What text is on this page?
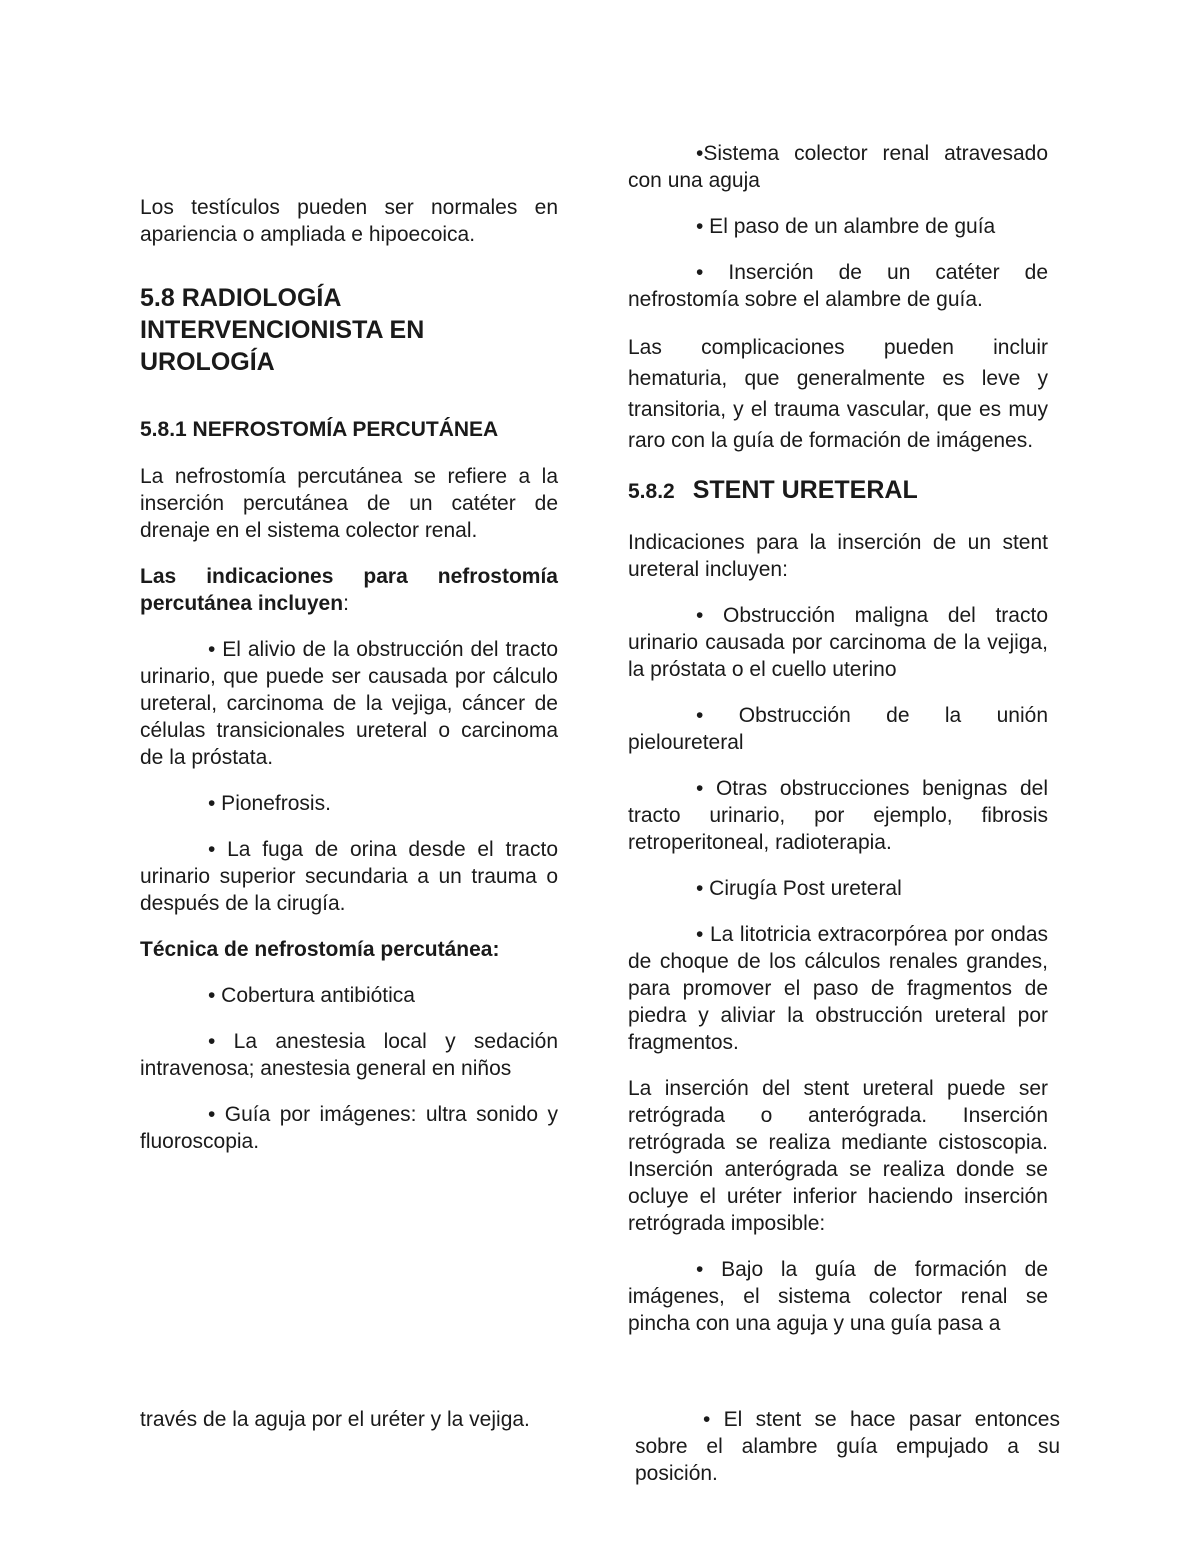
Los testículos pueden ser normales en apariencia o ampliada e hipoecoica.

5.8 RADIOLOGÍA INTERVENCIONISTA EN UROLOGÍA

5.8.1 NEFROSTOMÍA PERCUTÁNEA

La nefrostomía percutánea se refiere a la inserción percutánea de un catéter de drenaje en el sistema colector renal.

Las indicaciones para nefrostomía percutánea incluyen:

• El alivio de la obstrucción del tracto urinario, que puede ser causada por cálculo ureteral, carcinoma de la vejiga, cáncer de células transicionales ureteral o carcinoma de la próstata.

• Pionefrosis.

• La fuga de orina desde el tracto urinario superior secundaria a un trauma o después de la cirugía.

Técnica de nefrostomía percutánea:

• Cobertura antibiótica

• La anestesia local y sedación intravenosa; anestesia general en niños

• Guía por imágenes: ultra sonido y fluoroscopia.

través de la aguja por el uréter y la vejiga.

•Sistema colector renal atravesado con una aguja

• El paso de un alambre de guía

• Inserción de un catéter de nefrostomía sobre el alambre de guía.

Las complicaciones pueden incluir hematuria, que generalmente es leve y transitoria, y el trauma vascular, que es muy raro con la guía de formación de imágenes.

5.8.2 STENT URETERAL

Indicaciones para la inserción de un stent ureteral incluyen:

• Obstrucción maligna del tracto urinario causada por carcinoma de la vejiga, la próstata o el cuello uterino

• Obstrucción de la unión pieloureteral

• Otras obstrucciones benignas del tracto urinario, por ejemplo, fibrosis retroperitoneal, radioterapia.

• Cirugía Post ureteral

• La litotricia extracorpórea por ondas de choque de los cálculos renales grandes, para promover el paso de fragmentos de piedra y aliviar la obstrucción ureteral por fragmentos.

La inserción del stent ureteral puede ser retrógrada o anterógrada. Inserción retrógrada se realiza mediante cistoscopia. Inserción anterógrada se realiza donde se ocluye el uréter inferior haciendo inserción retrógrada imposible:

• Bajo la guía de formación de imágenes, el sistema colector renal se pincha con una aguja y una guía pasa a

• El stent se hace pasar entonces sobre el alambre guía empujado a su posición.
